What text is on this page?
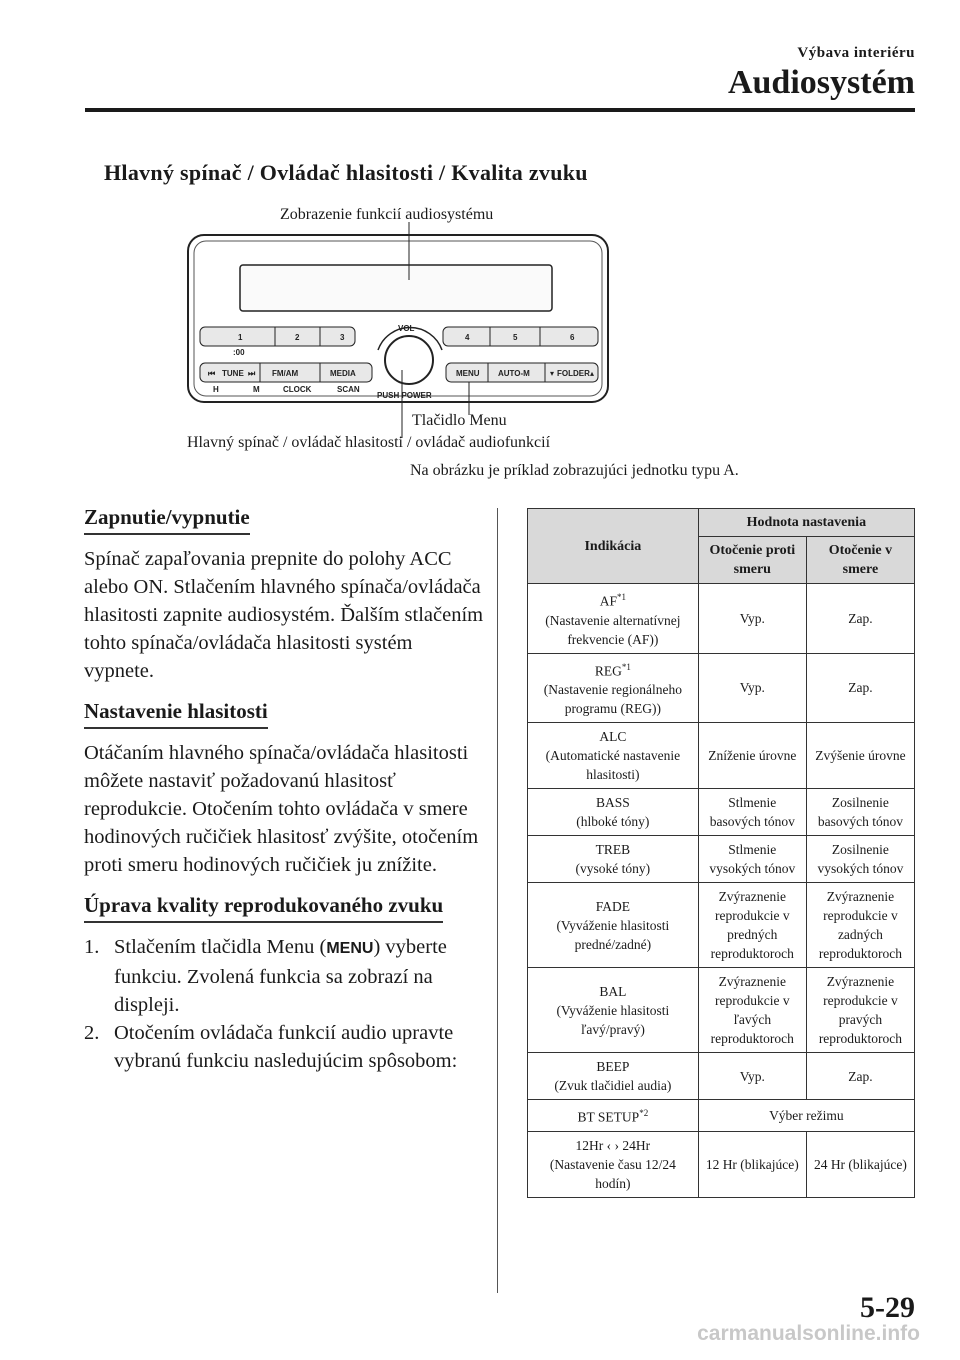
Výbava interiéru
Audiosystém
Hlavný spínač / Ovládač hlasitosti / Kvalita zvuku
Zobrazenie funkcií audiosystému
1	2	3
:00
4	5	6
VOL
PUSH POWER
⏮ TUNE ⏭ FM/AM	MEDIA
H	M	CLOCK	SCAN
MENU AUTO-M	▾ FOLDER ▴
Tlačidlo Menu
Hlavný spínač / ovládač hlasitosti / ovládač audiofunkcií
Na obrázku je príklad zobrazujúci jednotku typu A.
Zapnutie/vypnutie

Spínač zapaľovania prepnite do polohy ACC alebo ON. Stlačením hlavného spínača/ovládača hlasitosti zapnite audiosystém. Ďalším stlačením tohto spínača/ovládača hlasitosti systém vypnete.

Nastavenie hlasitosti

Otáčaním hlavného spínača/ovládača hlasitosti môžete nastaviť požadovanú hlasitosť reprodukcie. Otočením tohto ovládača v smere hodinových ručičiek hlasitosť zvýšite, otočením proti smeru hodinových ručičiek ju znížite.

Úprava kvality reprodukovaného zvuku
1. Stlačením tlačidla Menu (MENU) vyberte funkciu. Zvolená funkcia sa zobrazí na displeji.
2. Otočením ovládača funkcií audio upravte vybranú funkciu nasledujúcim spôsobom:
Indikácia	Hodnota nastavenia	
	Otočenie proti smeru	Otočenie v smere
AF$^{*1}$
(Nastavenie alternatívnej frekvencie (AF))	Vyp.	Zap.
REG$^{*1}$
(Nastavenie regionálneho programu (REG))	Vyp.	Zap.
ALC
(Automatické nastavenie hlasitosti)	Zníženie úrovne	Zvýšenie úrovne
BASS
(hlboké tóny)	Stlmenie basových tónov	Zosilnenie basových tónov
TREB
(vysoké tóny)	Stlmenie vysokých tónov	Zosilnenie vysokých tónov
FADE
(Vyváženie hlasitosti predné/zadné)	Zvýraznenie reprodukcie v predných reproduktoroch	Zvýraznenie reprodukcie v zadných reproduktoroch
BAL
(Vyváženie hlasitosti ľavý/pravý)	Zvýraznenie reprodukcie v ľavých reproduktoroch	Zvýraznenie reprodukcie v pravých reproduktoroch
BEEP
(Zvuk tlačidiel audia)	Vyp.	Zap.
BT SETUP$^{*2}$	Výber režimu	
12Hr ‹ › 24Hr
(Nastavenie času 12/24 hodín)	12 Hr (blikajúce)	24 Hr (blikajúce)
5-29
carmanualsonline.info
